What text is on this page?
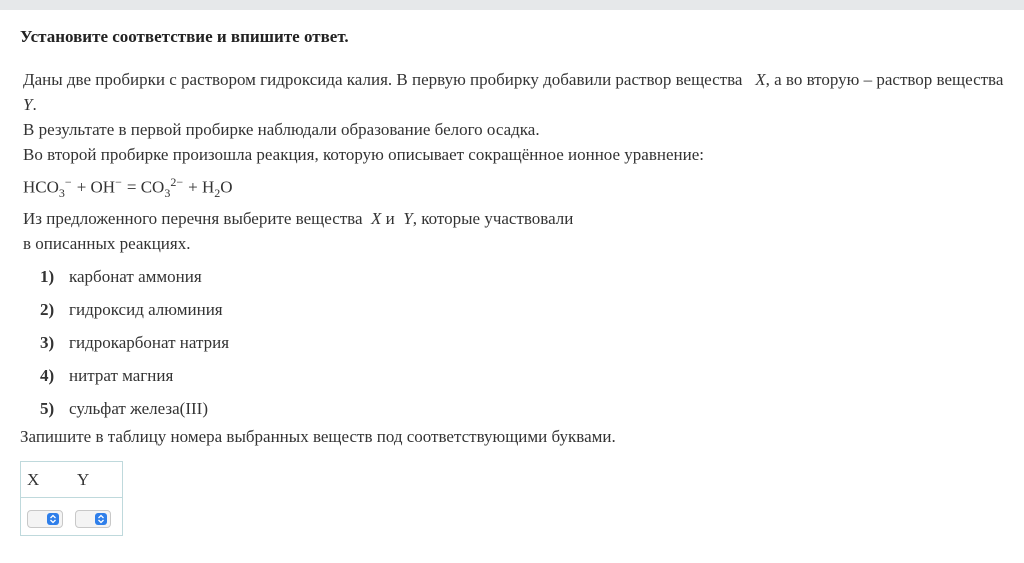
Установите соответствие и впишите ответ.

Даны две пробирки с раствором гидроксида калия. В первую пробирку добавили раствор вещества X, а во вторую – раствор вещества Y.

В результате в первой пробирке наблюдали образование белого осадка.

Во второй пробирке произошла реакция, которую описывает сокращённое ионное уравнение:

$HCO_3^- + OH^- = CO_3^{2-} + H_2O$

Из предложенного перечня выберите вещества X и Y, которые участвовали

в описанных реакциях.

1) карбонат аммония
2) гидроксид алюминия
3) гидрокарбонат натрия
4) нитрат магния
5) сульфат железа(III)
Запишите в таблицу номера выбранных веществ под соответствующими буквами.
X	Y
